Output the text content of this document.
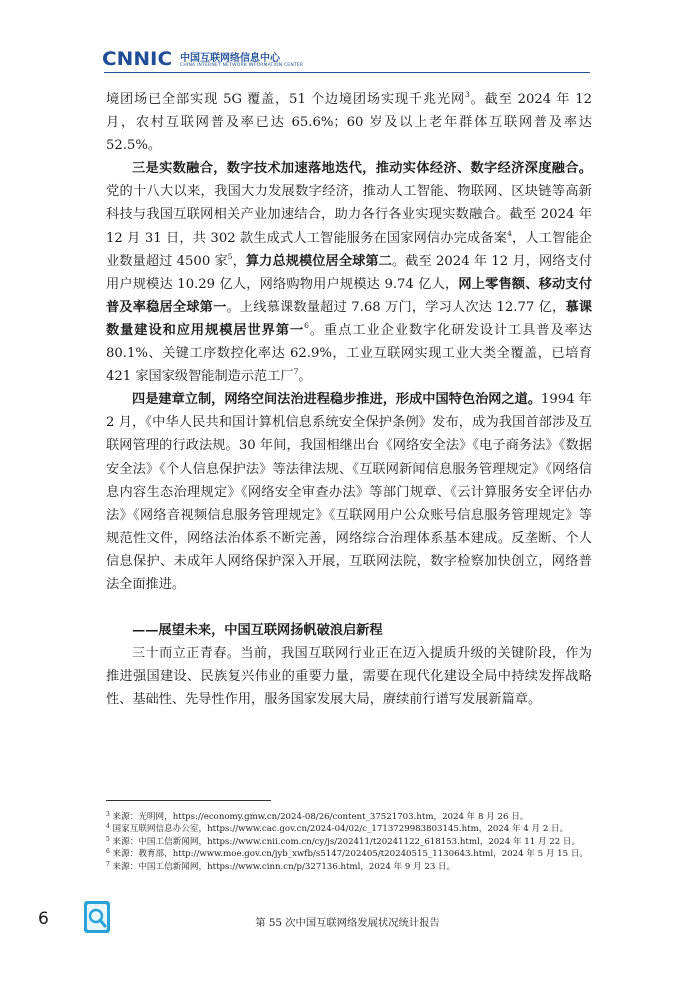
CNNIC 中国互联网络信息中心
CHINA INTERNET NETWORK INFORMATION CENTER

境团场已全部实现 5G 覆盖，51 个边境团场实现千兆光网$^3$。截至 2024 年 12 月，农村互联网普及率已达 65.6%；60 岁及以上老年群体互联网普及率达 52.5%。

三是实数融合，数字技术加速落地迭代，推动实体经济、数字经济深度融合。党的十八大以来，我国大力发展数字经济，推动人工智能、物联网、区块链等高新科技与我国互联网相关产业加速结合，助力各行各业实现实数融合。截至 2024 年 12 月 31 日，共 302 款生成式人工智能服务在国家网信办完成备案$^4$，人工智能企业数量超过 4500 家$^5$，算力总规模位居全球第二。截至 2024 年 12 月，网络支付用户规模达 10.29 亿人，网络购物用户规模达 9.74 亿人，网上零售额、移动支付普及率稳居全球第一。上线慕课数量超过 7.68 万门，学习人次达 12.77 亿，慕课数量建设和应用规模居世界第一$^6$。重点工业企业数字化研发设计工具普及率达 80.1%、关键工序数控化率达 62.9%，工业互联网实现工业大类全覆盖，已培育 421 家国家级智能制造示范工厂$^7$。

四是建章立制，网络空间法治进程稳步推进，形成中国特色治网之道。1994 年 2 月，《中华人民共和国计算机信息系统安全保护条例》发布，成为我国首部涉及互联网管理的行政法规。30 年间，我国相继出台《网络安全法》《电子商务法》《数据安全法》《个人信息保护法》等法律法规、《互联网新闻信息服务管理规定》《网络信息内容生态治理规定》《网络安全审查办法》等部门规章、《云计算服务安全评估办法》《网络音视频信息服务管理规定》《互联网用户公众账号信息服务管理规定》等规范性文件，网络法治体系不断完善，网络综合治理体系基本建成。反垄断、个人信息保护、未成年人网络保护深入开展，互联网法院，数字检察加快创立，网络普法全面推进。

——展望未来，中国互联网扬帆破浪启新程

三十而立正青春。当前，我国互联网行业正在迈入提质升级的关键阶段，作为推进强国建设、民族复兴伟业的重要力量，需要在现代化建设全局中持续发挥战略性、基础性、先导性作用，服务国家发展大局，赓续前行谱写发展新篇章。

$^3$ 来源：光明网，https://economy.gmw.cn/2024-08/26/content_37521703.htm，2024 年 8 月 26 日。

$^4$ 国家互联网信息办公室，https://www.cac.gov.cn/2024-04/02/c_1713729983803145.htm，2024 年 4 月 2 日。

$^5$ 来源：中国工信新闻网，https://www.cnii.com.cn/cy/js/202411/t20241122_618153.html，2024 年 11 月 22 日。

$^6$ 来源：教育部，http://www.moe.gov.cn/jyb_xwfb/s5147/202405/t20240515_1130643.html，2024 年 5 月 15 日。

$^7$ 来源：中国工信新闻网，https://www.cinn.cn/p/327136.html，2024 年 9 月 23 日。

6	第 55 次中国互联网络发展状况统计报告
